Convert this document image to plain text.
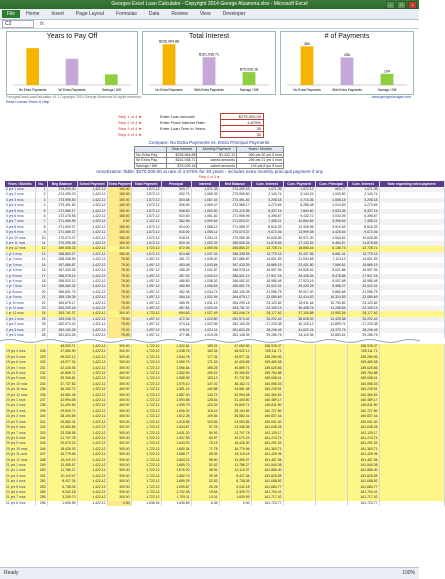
Georges Excel Loan Calculator - Copyright 2014 George Alzamora.xlsx - Microsoft Excel	–	□	×
File	Home	Insert	Page Layout	Formulas	Data	Review	View	Developer
C2	fx
Years to Pay Off
No Extra Payments	W/ Extra Payments	Savings / Diff
Total Interest
$236,964.88
No Extra Payments
$161,938.71
With Extra Payments
$75,026.16
Savings / Diff
# of Payments
360
No Extra Payments
256
With Extra Payments
104
Savings / Diff
GeorgesExcelLoanCalculator v3.1 Copyright 2014 George Alzamora All rights reserved.
Read License Terms & Help
www.georgesbudget.com
Step 1 of 4 ►	Enter Loan Amount:	$275,000.00
Step 2 of 4 ►	Enter Fixed Interest Rate:	4.675%
Step 3 of 4 ►	Enter Loan Term in Years:	30
Step 4 of 4 ►	30
Compare: No Extra Payments vs. Extra Principal Payments
	Total Interest	Monthly Payment	Years / Months
No Extra Pay.	$236,964.88	$1,422.12	360 pts 30 yrs 0 mos
W/ Extra Pay.	$161,938.71	varied amounts	256 pts 21 yrs 4 mos
Savings / Diff	$75,026.16	varied amounts	104 pts 8 yrs 8 mos
Amortization Table: $275,000.00 at rate of 4.675% for 30 years - includes extra monthly principal payment if any
Step 4 of 4 ►
Years / Months	No.	Beg Balance	Sched Payment	Extra Payment	Total Payment	Principal	Interest	End Balance	Cum. Interest	Cum. Payment	Cum. Principal	Cum. Interest	Note regarding extra payment
0 yrs 1 mos	1	275,000.00	1,422.12	150.00	1,572.12	500.77	1,071.35	274,499.23	1,071.35	1,572.12	500.77	1,071.35	
0 yrs 2 mos	2	274,499.23	1,422.12	150.00	1,572.12	502.73	1,069.39	273,996.50	2,140.74	3,144.24	1,003.50	2,140.74	
0 yrs 3 mos	3	273,996.50	1,422.12	150.00	1,572.12	504.68	1,067.44	273,491.82	3,208.18	4,716.36	1,508.18	3,208.18	
0 yrs 4 mos	4	273,491.82	1,422.12	150.00	1,572.12	506.65	1,065.47	272,985.17	4,273.65	6,288.48	2,014.83	4,273.65	
0 yrs 5 mos	5	272,985.17	1,422.12	150.00	1,572.12	508.62	1,063.50	272,476.55	5,337.15	7,860.60	2,523.45	5,337.15	
0 yrs 6 mos	6	272,476.55	1,422.12	150.00	1,572.12	510.60	1,061.52	271,965.95	6,398.67	9,432.72	3,034.05	6,398.67	
0 yrs 7 mos	7	271,965.95	1,422.12	0.00	1,422.12	362.58	1,059.54	271,603.37	7,458.21	10,854.84	3,396.63	7,458.21	
0 yrs 8 mos	8	271,603.37	1,422.12	150.00	1,572.12	514.00	1,058.12	271,089.37	8,516.33	12,426.96	3,910.63	8,516.33	
0 yrs 9 mos	9	271,089.37	1,422.12	150.00	1,572.12	516.00	1,056.12	270,573.37	9,572.45	13,999.08	4,426.63	9,572.45	
0 yrs 10 mos	10	270,573.37	1,422.12	150.00	1,572.12	518.01	1,054.11	270,055.36	10,626.56	15,571.20	4,944.64	10,626.56	
0 yrs 11 mos	11	270,055.36	1,422.12	150.00	1,572.12	520.03	1,052.09	269,535.33	11,678.65	17,143.32	5,464.67	11,678.65	
0 yrs 12 mos	12	269,535.33	1,422.12	300.00	1,722.12	672.06	1,050.06	268,863.27	12,728.71	18,865.44	6,136.73	12,728.71	
1 yr 1 mos	13	268,863.27	1,422.12	150.00	1,572.12	524.68	1,047.44	268,338.59	13,776.15	20,437.56	6,661.41	13,776.15	
1 yr 2 mos	14	268,338.59	1,422.12	75.00	1,497.12	451.72	1,045.40	267,886.87	14,821.55	21,934.68	7,113.13	14,821.55	
1 yr 3 mos	15	267,886.87	1,422.12	75.00	1,497.12	453.48	1,043.64	267,433.39	15,865.19	23,431.80	7,566.61	15,865.19	
1 yr 4 mos	16	267,433.39	1,422.12	75.00	1,497.12	455.25	1,041.87	266,978.14	16,907.06	24,928.92	8,021.86	16,907.06	
1 yr 5 mos	17	266,978.14	1,422.12	75.00	1,497.12	457.02	1,040.10	266,521.12	17,947.16	26,426.04	8,478.88	17,947.16	
1 yr 6 mos	18	266,521.12	1,422.12	75.00	1,497.12	458.80	1,038.32	266,062.32	18,985.48	27,923.16	8,937.68	18,985.48	
1 yr 7 mos	19	266,062.32	1,422.12	75.00	1,497.12	460.59	1,036.53	265,601.73	20,022.01	29,420.28	9,398.27	20,022.01	
1 yr 8 mos	20	265,601.73	1,422.12	75.00	1,497.12	462.38	1,034.74	265,139.35	21,056.75	30,917.40	9,860.65	21,056.75	
1 yr 9 mos	21	265,139.35	1,422.12	75.00	1,497.12	464.18	1,032.94	264,675.17	22,089.69	32,414.52	10,324.83	22,089.69	
1 yr 10 mos	22	264,675.17	1,422.12	75.00	1,497.12	465.99	1,031.13	264,209.18	23,120.82	33,911.64	10,790.82	23,120.82	
1 yr 11 mos	23	264,209.18	1,422.12	75.00	1,497.12	467.81	1,029.31	263,741.37	24,150.13	35,408.76	11,258.63	24,150.13	
1 yr 12 mos	24	263,741.37	1,422.12	300.00	1,722.12	694.63	1,027.49	263,046.74	25,177.62	37,130.88	11,953.26	25,177.62	
2 yrs 1 mos	25	263,046.74	1,422.12	75.00	1,497.12	472.32	1,024.80	262,574.42	26,202.42	38,628.00	12,425.58	26,202.42	
2 yrs 2 mos	26	262,574.42	1,422.12	75.00	1,497.12	474.16	1,022.96	262,100.26	27,225.38	40,125.12	12,899.74	27,225.38	
2 yrs 3 mos	27	262,100.26	1,422.12	75.00	1,497.12	476.01	1,021.11	261,624.25	28,246.49	41,622.24	13,375.75	28,246.49	
2 yrs 4 mos	28	261,624.25	1,422.12	75.00	1,497.12	477.86	1,019.26	261,146.39	29,265.75	43,119.36	13,853.61	29,265.75	
		48,593.71	1,422.12	300.00	1,722.12	1,532.81	189.31	47,060.90	158,928.37			158,928.37	
19 yrs 4 mos	228	47,060.90	1,422.12	300.00	1,722.12	1,538.78	183.34	45,522.12	159,111.71			159,111.71	
19 yrs 5 mos	229	45,522.12	1,422.12	300.00	1,722.12	1,544.78	177.34	43,977.34	159,289.05			159,289.05	
19 yrs 6 mos	230	43,977.34	1,422.12	300.00	1,722.12	1,550.79	171.33	42,426.55	159,460.38			159,460.38	
19 yrs 7 mos	231	42,426.55	1,422.12	300.00	1,722.12	1,556.84	165.28	40,869.71	159,625.66			159,625.66	
19 yrs 8 mos	232	40,869.71	1,422.12	300.00	1,722.12	1,562.90	159.22	39,306.81	159,784.88			159,784.88	
19 yrs 9 mos	233	39,306.81	1,422.12	300.00	1,722.12	1,568.99	153.13	37,737.82	159,938.01			159,938.01	
19 yrs 10 mos	234	37,737.82	1,422.12	300.00	1,722.12	1,575.10	147.02	36,162.72	160,085.03			160,085.03	
19 yrs 11 mos	235	36,162.72	1,422.12	300.00	1,722.12	1,581.24	140.88	34,581.48	160,225.91			160,225.91	
19 yrs 12 mos	236	34,581.48	1,422.12	300.00	1,722.12	1,587.40	134.72	32,994.08	160,360.63			160,360.63	
20 yrs 1 mos	237	32,994.08	1,422.12	300.00	1,722.12	1,593.58	128.54	31,400.50	160,489.17			160,489.17	
20 yrs 2 mos	238	31,400.50	1,422.12	300.00	1,722.12	1,599.79	122.33	29,800.71	160,611.50			160,611.50	
20 yrs 3 mos	239	29,800.71	1,422.12	300.00	1,722.12	1,606.02	116.10	28,194.69	160,727.60			160,727.60	
20 yrs 4 mos	240	28,194.69	1,422.12	300.00	1,722.12	1,612.28	109.84	26,582.41	160,837.44			160,837.44	
20 yrs 5 mos	241	26,582.41	1,422.12	300.00	1,722.12	1,618.56	103.56	24,963.85	160,941.00			160,941.00	
20 yrs 6 mos	242	24,963.85	1,422.12	300.00	1,722.12	1,624.87	97.25	23,338.98	161,038.25			161,038.25	
20 yrs 7 mos	243	23,338.98	1,422.12	300.00	1,722.12	1,631.20	90.92	21,707.78	161,129.17			161,129.17	
20 yrs 8 mos	244	21,707.78	1,422.12	300.00	1,722.12	1,637.55	84.57	20,070.23	161,213.74			161,213.74	
20 yrs 9 mos	245	20,070.23	1,422.12	300.00	1,722.12	1,643.93	78.19	18,426.30	161,291.93			161,291.93	
20 yrs 10 mos	246	18,426.30	1,422.12	300.00	1,722.12	1,650.34	71.78	16,775.96	161,363.71			161,363.71	
20 yrs 11 mos	247	16,775.96	1,422.12	300.00	1,722.12	1,656.77	65.35	15,119.19	161,429.06			161,429.06	
20 yrs 12 mos	248	15,119.19	1,422.12	300.00	1,722.12	1,663.22	58.90	13,455.97	161,487.96			161,487.96	
21 yrs 1 mos	249	13,455.97	1,422.12	300.00	1,722.12	1,669.70	52.42	11,786.27	161,540.38			161,540.38	
21 yrs 2 mos	250	11,786.27	1,422.12	300.00	1,722.12	1,676.20	45.92	10,110.07	161,586.30			161,586.30	
21 yrs 3 mos	251	10,110.07	1,422.12	300.00	1,722.12	1,682.73	39.39	8,427.34	161,625.69			161,625.69	
21 yrs 4 mos	252	8,427.34	1,422.12	300.00	1,722.12	1,689.29	32.83	6,738.05	161,658.52			161,658.52	
21 yrs 5 mos	253	6,738.05	1,422.12	300.00	1,722.12	1,695.87	26.25	5,042.18	161,684.77			161,684.77	
21 yrs 6 mos	254	5,042.18	1,422.12	300.00	1,722.12	1,702.48	19.64	3,339.70	161,704.41			161,704.41	
21 yrs 7 mos	255	3,339.70	1,422.12	300.00	1,722.12	1,709.11	13.01	1,630.59	161,717.42			161,717.42	
21 yrs 8 mos	256	1,630.59	1,422.12	0.00	1,636.94	1,630.59	6.35	0.00	161,723.77			161,723.77	
Ready	100%
